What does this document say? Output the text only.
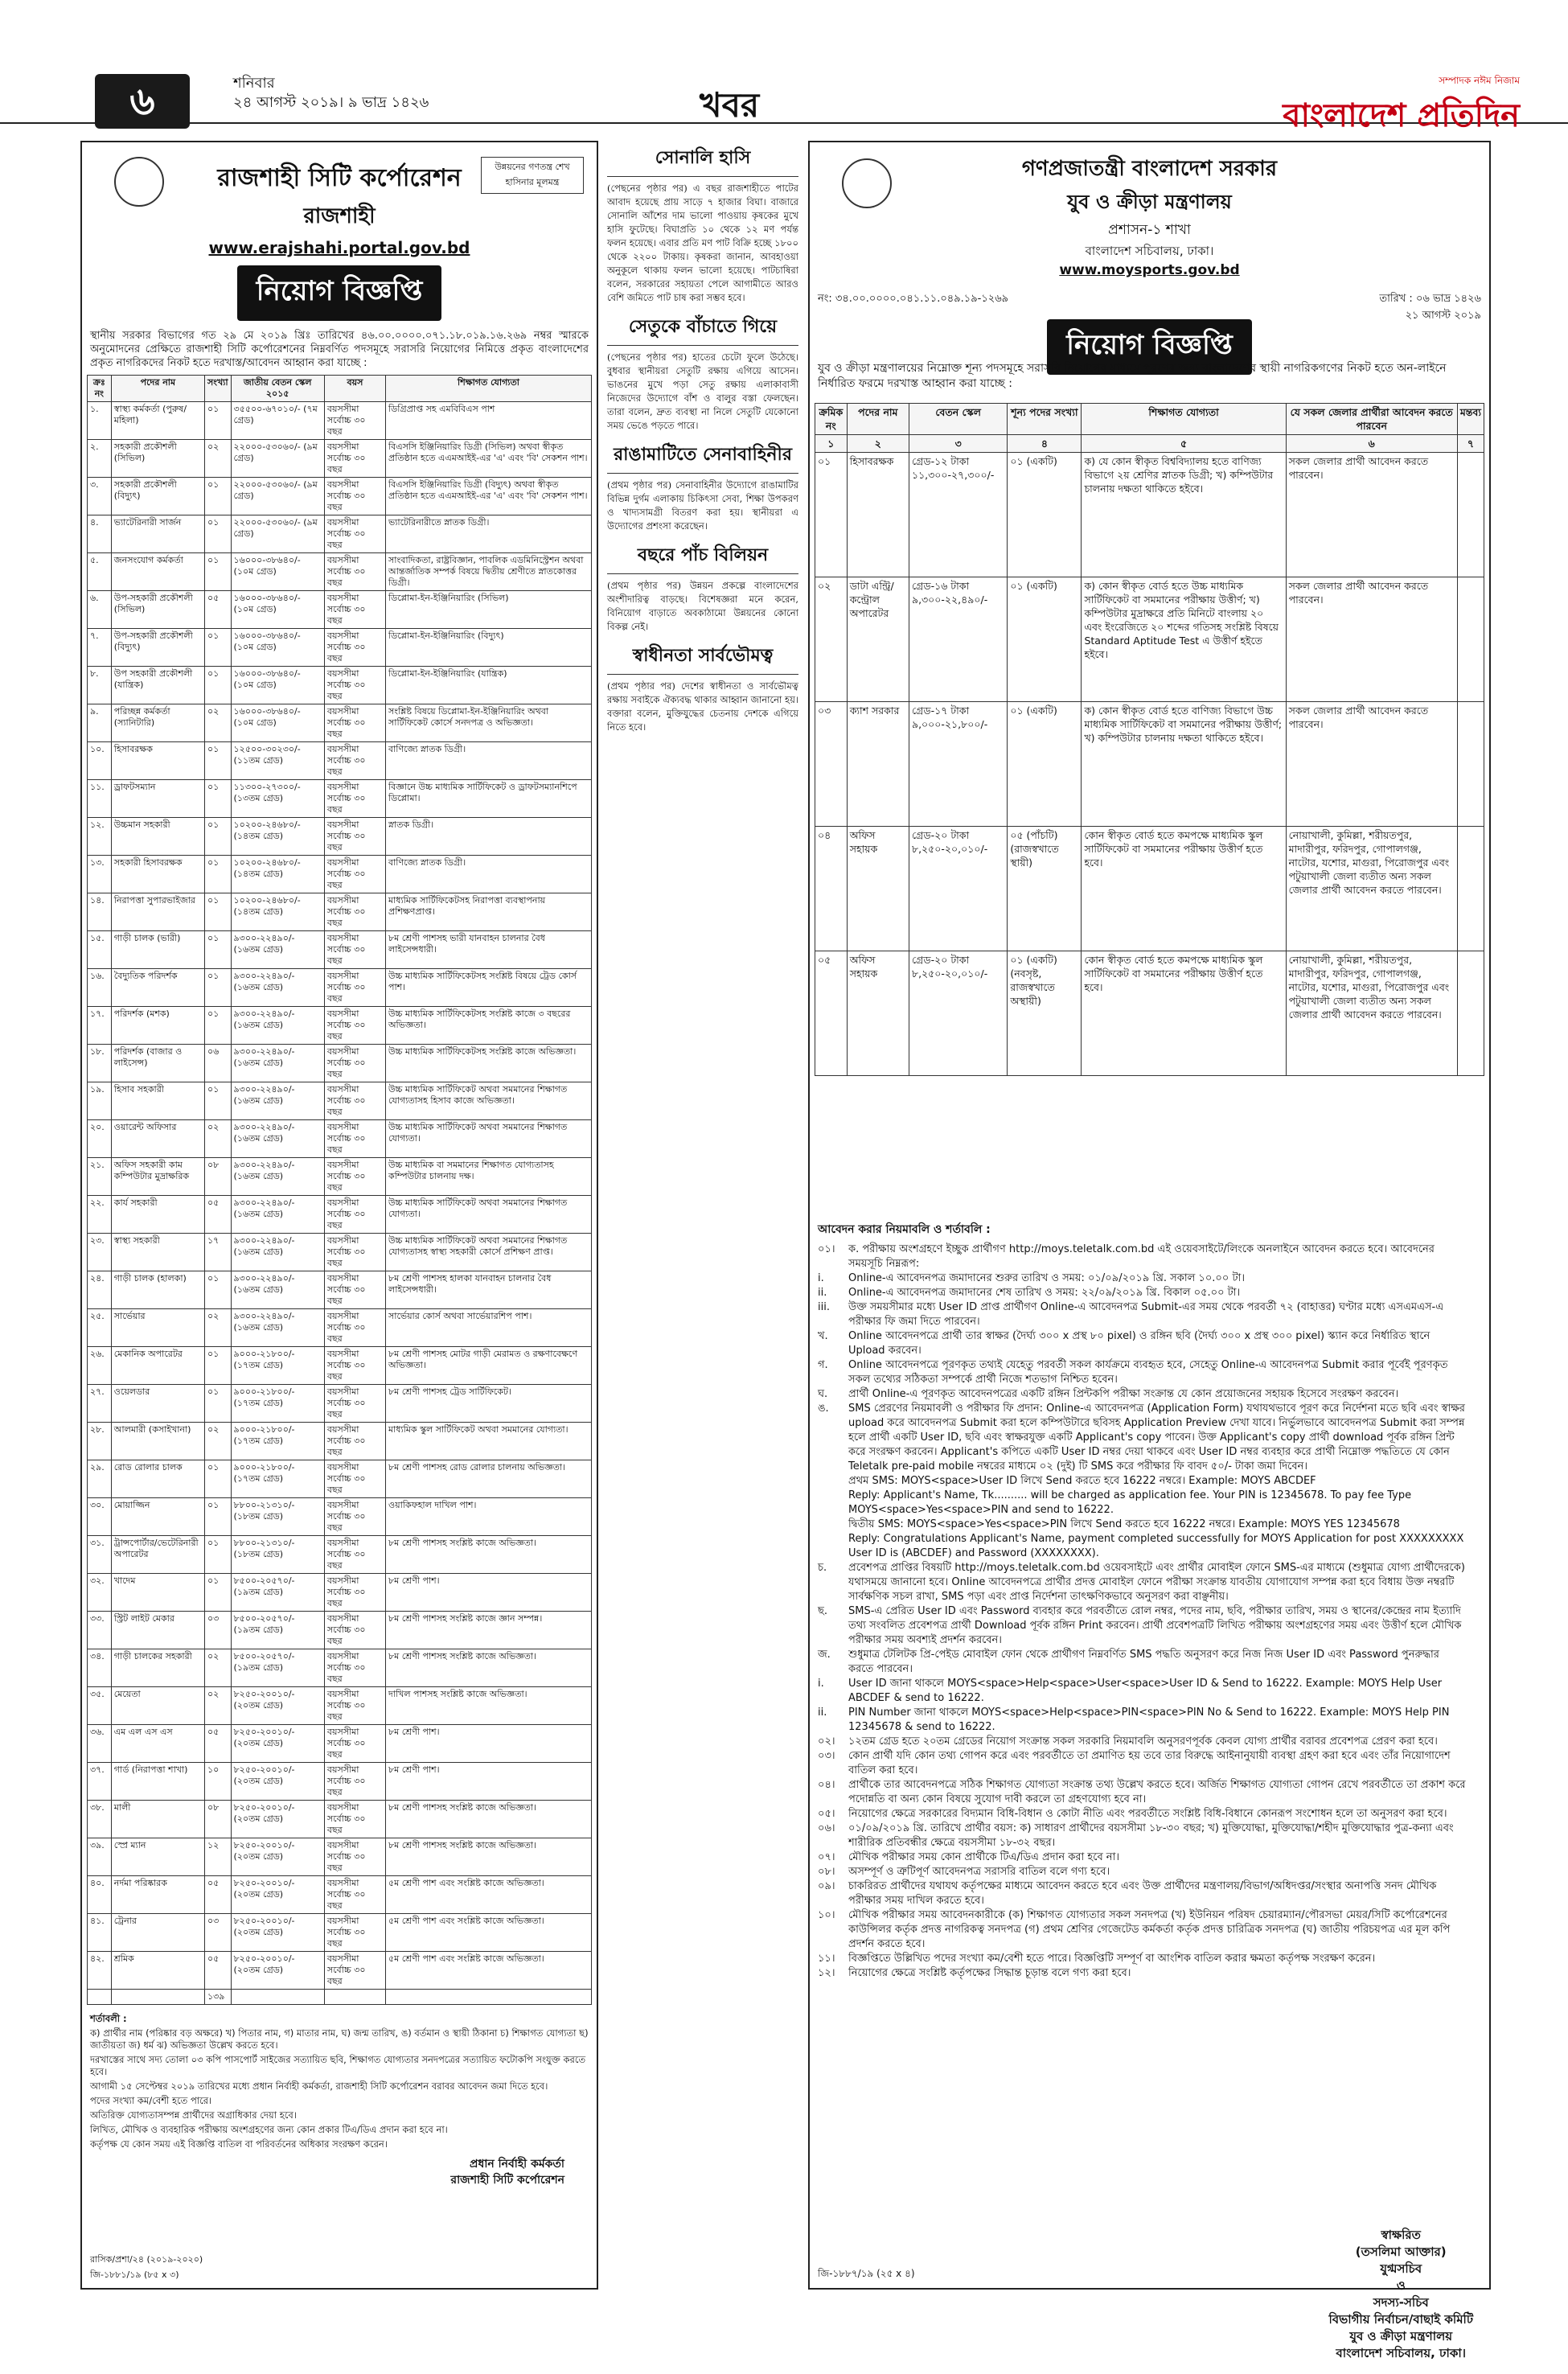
৬	শনিবার
২৪ আগস্ট ২০১৯। ৯ ভাদ্র ১৪২৬	খবর
সম্পাদক নঈম নিজাম
বাংলাদেশ প্রতিদিন
উন্নয়নের গণতন্ত্র শেখ হাসিনার মূলমন্ত্র
রাজশাহী সিটি কর্পোরেশন
রাজশাহী
www.erajshahi.portal.gov.bd
নিয়োগ বিজ্ঞপ্তি
স্থানীয় সরকার বিভাগের গত ২৯ মে ২০১৯ খ্রিঃ তারিখের ৪৬.০০.০০০০.০৭১.১৮.০১৯.১৬.২৬৯ নম্বর স্মারকে অনুমোদনের প্রেক্ষিতে রাজশাহী সিটি কর্পোরেশনের নিম্নবর্ণিত পদসমূহে সরাসরি নিয়োগের নিমিত্তে প্রকৃত বাংলাদেশের প্রকৃত নাগরিকদের নিকট হতে দরখাস্ত/আবেদন আহ্বান করা যাচ্ছে :
ক্রঃ নং	পদের নাম	সংখ্যা	জাতীয় বেতন স্কেল ২০১৫	বয়স	শিক্ষাগত যোগ্যতা
১.	স্বাস্থ্য কর্মকর্তা (পুরুষ/মহিলা)	০১	৩৫৫০০-৬৭০১০/- (৭ম গ্রেড)	বয়সসীমা সর্বোচ্চ ৩০ বছর	ডিগ্রিপ্রাপ্ত সহ এমবিবিএস পাশ
২.	সহকারী প্রকৌশলী (সিভিল)	০২	২২০০০-৫৩০৬০/- (৯ম গ্রেড)	বয়সসীমা সর্বোচ্চ ৩০ বছর	বিএসসি ইঞ্জিনিয়ারিং ডিগ্রী (সিভিল) অথবা স্বীকৃত প্রতিষ্ঠান হতে এএমআইই-এর 'এ' এবং 'বি' সেকশন পাশ।
৩.	সহকারী প্রকৌশলী (বিদ্যুৎ)	০১	২২০০০-৫৩০৬০/- (৯ম গ্রেড)	বয়সসীমা সর্বোচ্চ ৩০ বছর	বিএসসি ইঞ্জিনিয়ারিং ডিগ্রী (বিদ্যুৎ) অথবা স্বীকৃত প্রতিষ্ঠান হতে এএমআইই-এর 'এ' এবং 'বি' সেকশন পাশ।
৪.	ভ্যাটেরিনারী সার্জন	০১	২২০০০-৫৩০৬০/- (৯ম গ্রেড)	বয়সসীমা সর্বোচ্চ ৩০ বছর	ভ্যাটেরিনারীতে স্নাতক ডিগ্রী।
৫.	জনসংযোগ কর্মকর্তা	০১	১৬০০০-৩৮৬৪০/- (১০ম গ্রেড)	বয়সসীমা সর্বোচ্চ ৩০ বছর	সাংবাদিকতা, রাষ্ট্রবিজ্ঞান, পাবলিক এডমিনিস্ট্রেশন অথবা আন্তর্জাতিক সম্পর্ক বিষয়ে দ্বিতীয় শ্রেণীতে স্নাতকোত্তর ডিগ্রী।
৬.	উপ-সহকারী প্রকৌশলী (সিভিল)	০৫	১৬০০০-৩৮৬৪০/- (১০ম গ্রেড)	বয়সসীমা সর্বোচ্চ ৩০ বছর	ডিপ্লোমা-ইন-ইঞ্জিনিয়ারিং (সিভিল)
৭.	উপ-সহকারী প্রকৌশলী (বিদ্যুৎ)	০১	১৬০০০-৩৮৬৪০/- (১০ম গ্রেড)	বয়সসীমা সর্বোচ্চ ৩০ বছর	ডিপ্লোমা-ইন-ইঞ্জিনিয়ারিং (বিদ্যুৎ)
৮.	উপ সহকারী প্রকৌশলী (যান্ত্রিক)	০১	১৬০০০-৩৮৬৪০/- (১০ম গ্রেড)	বয়সসীমা সর্বোচ্চ ৩০ বছর	ডিপ্লোমা-ইন-ইঞ্জিনিয়ারিং (যান্ত্রিক)
৯.	পরিচ্ছন্ন কর্মকর্তা (স্যানিটারি)	০২	১৬০০০-৩৮৬৪০/- (১০ম গ্রেড)	বয়সসীমা সর্বোচ্চ ৩০ বছর	সংশ্লিষ্ট বিষয়ে ডিপ্লোমা-ইন-ইঞ্জিনিয়ারিং অথবা সার্টিফিকেট কোর্সে সনদপত্র ও অভিজ্ঞতা।
১০.	হিসাবরক্ষক	০১	১২৫০০-৩০২৩০/- (১১তম গ্রেড)	বয়সসীমা সর্বোচ্চ ৩০ বছর	বাণিজ্যে স্নাতক ডিগ্রী।
১১.	ড্রাফটসম্যান	০১	১১৩০০-২৭৩০০/- (১৩তম গ্রেড)	বয়সসীমা সর্বোচ্চ ৩০ বছর	বিজ্ঞানে উচ্চ মাধ্যমিক সার্টিফিকেট ও ড্রাফটসম্যানশিপে ডিপ্লোমা।
১২.	উচ্চমান সহকারী	০১	১০২০০-২৪৬৮০/- (১৪তম গ্রেড)	বয়সসীমা সর্বোচ্চ ৩০ বছর	স্নাতক ডিগ্রী।
১৩.	সহকারী হিসাবরক্ষক	০১	১০২০০-২৪৬৮০/- (১৪তম গ্রেড)	বয়সসীমা সর্বোচ্চ ৩০ বছর	বাণিজ্যে স্নাতক ডিগ্রী।
১৪.	নিরাপত্তা সুপারভাইজার	০১	১০২০০-২৪৬৮০/- (১৪তম গ্রেড)	বয়সসীমা সর্বোচ্চ ৩০ বছর	মাধ্যমিক সার্টিফিকেটসহ নিরাপত্তা ব্যবস্থাপনায় প্রশিক্ষণপ্রাপ্ত।
১৫.	গাড়ী চালক (ভারী)	০১	৯৩০০-২২৪৯০/- (১৬তম গ্রেড)	বয়সসীমা সর্বোচ্চ ৩০ বছর	৮ম শ্রেণী পাশসহ ভারী যানবাহন চালনার বৈধ লাইসেন্সধারী।
১৬.	বৈদ্যুতিক পরিদর্শক	০১	৯৩০০-২২৪৯০/- (১৬তম গ্রেড)	বয়সসীমা সর্বোচ্চ ৩০ বছর	উচ্চ মাধ্যমিক সার্টিফিকেটসহ সংশ্লিষ্ট বিষয়ে ট্রেড কোর্স পাশ।
১৭.	পরিদর্শক (মশক)	০১	৯৩০০-২২৪৯০/- (১৬তম গ্রেড)	বয়সসীমা সর্বোচ্চ ৩০ বছর	উচ্চ মাধ্যমিক সার্টিফিকেটসহ সংশ্লিষ্ট কাজে ৩ বছরের অভিজ্ঞতা।
১৮.	পরিদর্শক (বাজার ও লাইসেন্স)	০৬	৯৩০০-২২৪৯০/- (১৬তম গ্রেড)	বয়সসীমা সর্বোচ্চ ৩০ বছর	উচ্চ মাধ্যমিক সার্টিফিকেটসহ সংশ্লিষ্ট কাজে অভিজ্ঞতা।
১৯.	হিসাব সহকারী	০১	৯৩০০-২২৪৯০/- (১৬তম গ্রেড)	বয়সসীমা সর্বোচ্চ ৩০ বছর	উচ্চ মাধ্যমিক সার্টিফিকেট অথবা সমমানের শিক্ষাগত যোগ্যতাসহ হিসাব কাজে অভিজ্ঞতা।
২০.	ওয়ারেন্ট অফিসার	০২	৯৩০০-২২৪৯০/- (১৬তম গ্রেড)	বয়সসীমা সর্বোচ্চ ৩০ বছর	উচ্চ মাধ্যমিক সার্টিফিকেট অথবা সমমানের শিক্ষাগত যোগ্যতা।
২১.	অফিস সহকারী কাম কম্পিউটার মুদ্রাক্ষরিক	০৮	৯৩০০-২২৪৯০/- (১৬তম গ্রেড)	বয়সসীমা সর্বোচ্চ ৩০ বছর	উচ্চ মাধ্যমিক বা সমমানের শিক্ষাগত যোগ্যতাসহ কম্পিউটার চালনায় দক্ষ।
২২.	কার্য সহকারী	০৫	৯৩০০-২২৪৯০/- (১৬তম গ্রেড)	বয়সসীমা সর্বোচ্চ ৩০ বছর	উচ্চ মাধ্যমিক সার্টিফিকেট অথবা সমমানের শিক্ষাগত যোগ্যতা।
২৩.	স্বাস্থ্য সহকারী	১৭	৯৩০০-২২৪৯০/- (১৬তম গ্রেড)	বয়সসীমা সর্বোচ্চ ৩০ বছর	উচ্চ মাধ্যমিক সার্টিফিকেট অথবা সমমানের শিক্ষাগত যোগ্যতাসহ স্বাস্থ্য সহকারী কোর্সে প্রশিক্ষণ প্রাপ্ত।
২৪.	গাড়ী চালক (হালকা)	০১	৯৩০০-২২৪৯০/- (১৬তম গ্রেড)	বয়সসীমা সর্বোচ্চ ৩০ বছর	৮ম শ্রেণী পাশসহ হালকা যানবাহন চালনার বৈধ লাইসেন্সধারী।
২৫.	সার্ভেয়ার	০২	৯৩০০-২২৪৯০/- (১৬তম গ্রেড)	বয়সসীমা সর্বোচ্চ ৩০ বছর	সার্ভেয়ার কোর্স অথবা সার্ভেয়ারশিপ পাশ।
২৬.	মেকানিক অপারেটর	০১	৯০০০-২১৮০০/- (১৭তম গ্রেড)	বয়সসীমা সর্বোচ্চ ৩০ বছর	৮ম শ্রেণী পাশসহ মোটর গাড়ী মেরামত ও রক্ষণাবেক্ষণে অভিজ্ঞতা।
২৭.	ওয়েলডার	০১	৯০০০-২১৮০০/- (১৭তম গ্রেড)	বয়সসীমা সর্বোচ্চ ৩০ বছর	৮ম শ্রেণী পাশসহ ট্রেড সার্টিফিকেট।
২৮.	আলমারী (কসাইখানা)	০২	৯০০০-২১৮০০/- (১৭তম গ্রেড)	বয়সসীমা সর্বোচ্চ ৩০ বছর	মাধ্যমিক স্কুল সার্টিফিকেট অথবা সমমানের যোগ্যতা।
২৯.	রোড রোলার চালক	০১	৯০০০-২১৮০০/- (১৭তম গ্রেড)	বয়সসীমা সর্বোচ্চ ৩০ বছর	৮ম শ্রেণী পাশসহ রোড রোলার চালনায় অভিজ্ঞতা।
৩০.	মোয়াজ্জিন	০১	৮৮০০-২১৩১০/- (১৮তম গ্রেড)	বয়সসীমা সর্বোচ্চ ৩০ বছর	ওয়াকিফহাল দাখিল পাশ।
৩১.	ট্রান্সপোর্টার/ভেটেরিনারী অপারেটর	০১	৮৮০০-২১৩১০/- (১৮তম গ্রেড)	বয়সসীমা সর্বোচ্চ ৩০ বছর	৮ম শ্রেণী পাশসহ সংশ্লিষ্ট কাজে অভিজ্ঞতা।
৩২.	খাদেম	০১	৮৫০০-২০৫৭০/- (১৯তম গ্রেড)	বয়সসীমা সর্বোচ্চ ৩০ বছর	৮ম শ্রেণী পাশ।
৩৩.	স্ট্রিট লাইট মেকার	০৩	৮৫০০-২০৫৭০/- (১৯তম গ্রেড)	বয়সসীমা সর্বোচ্চ ৩০ বছর	৮ম শ্রেণী পাশসহ সংশ্লিষ্ট কাজে জ্ঞান সম্পন্ন।
৩৪.	গাড়ী চালকের সহকারী	০২	৮৫০০-২০৫৭০/- (১৯তম গ্রেড)	বয়সসীমা সর্বোচ্চ ৩০ বছর	৮ম শ্রেণী পাশসহ সংশ্লিষ্ট কাজে অভিজ্ঞতা।
৩৫.	মেয়েতা	০২	৮২৫০-২০০১০/- (২০তম গ্রেড)	বয়সসীমা সর্বোচ্চ ৩০ বছর	দাখিল পাশসহ সংশ্লিষ্ট কাজে অভিজ্ঞতা।
৩৬.	এম এল এস এস	০৫	৮২৫০-২০০১০/- (২০তম গ্রেড)	বয়সসীমা সর্বোচ্চ ৩০ বছর	৮ম শ্রেণী পাশ।
৩৭.	গার্ড (নিরাপত্তা শাখা)	১০	৮২৫০-২০০১০/- (২০তম গ্রেড)	বয়সসীমা সর্বোচ্চ ৩০ বছর	৮ম শ্রেণী পাশ।
৩৮.	মালী	০৮	৮২৫০-২০০১০/- (২০তম গ্রেড)	বয়সসীমা সর্বোচ্চ ৩০ বছর	৮ম শ্রেণী পাশসহ সংশ্লিষ্ট কাজে অভিজ্ঞতা।
৩৯.	স্প্রে ম্যান	১২	৮২৫০-২০০১০/- (২০তম গ্রেড)	বয়সসীমা সর্বোচ্চ ৩০ বছর	৮ম শ্রেণী পাশসহ সংশ্লিষ্ট কাজে অভিজ্ঞতা।
৪০.	নর্দমা পরিষ্কারক	০৫	৮২৫০-২০০১০/- (২০তম গ্রেড)	বয়সসীমা সর্বোচ্চ ৩০ বছর	৫ম শ্রেণী পাশ এবং সংশ্লিষ্ট কাজে অভিজ্ঞতা।
৪১.	ট্রেনার	০৩	৮২৫০-২০০১০/- (২০তম গ্রেড)	বয়সসীমা সর্বোচ্চ ৩০ বছর	৫ম শ্রেণী পাশ এবং সংশ্লিষ্ট কাজে অভিজ্ঞতা।
৪২.	শ্রমিক	০৫	৮২৫০-২০০১০/- (২০তম গ্রেড)	বয়সসীমা সর্বোচ্চ ৩০ বছর	৫ম শ্রেণী পাশ এবং সংশ্লিষ্ট কাজে অভিজ্ঞতা।
		১৩৯			

শর্তাবলী :

ক) প্রার্থীর নাম (পরিষ্কার বড় অক্ষরে) খ) পিতার নাম, গ) মাতার নাম, ঘ) জন্ম তারিখ, ঙ) বর্তমান ও স্থায়ী ঠিকানা চ) শিক্ষাগত যোগ্যতা ছ) জাতীয়তা জ) ধর্ম ঝ) অভিজ্ঞতা উল্লেখ করতে হবে।

দরখাস্তের সাথে সদ্য তোলা ০৩ কপি পাসপোর্ট সাইজের সত্যায়িত ছবি, শিক্ষাগত যোগ্যতার সনদপত্রের সত্যায়িত ফটোকপি সংযুক্ত করতে হবে।

আগামী ১৫ সেপ্টেম্বর ২০১৯ তারিখের মধ্যে প্রধান নির্বাহী কর্মকর্তা, রাজশাহী সিটি কর্পোরেশন বরাবর আবেদন জমা দিতে হবে।

পদের সংখ্যা কম/বেশী হতে পারে।

অতিরিক্ত যোগ্যতাসম্পন্ন প্রার্থীদের অগ্রাধিকার দেয়া হবে।

লিখিত, মৌখিক ও ব্যবহারিক পরীক্ষায় অংশগ্রহণের জন্য কোন প্রকার টিএ/ডিএ প্রদান করা হবে না।

কর্তৃপক্ষ যে কোন সময় এই বিজ্ঞপ্তি বাতিল বা পরিবর্তনের অধিকার সংরক্ষণ করেন।

প্রধান নির্বাহী কর্মকর্তা
রাজশাহী সিটি কর্পোরেশন
রাসিক/প্রশা/২৪ (২০১৯-২০২০)
জি-১৮৮১/১৯ (৮৫ x ৩)
সোনালি হাসি

(পেছনের পৃষ্ঠার পর) এ বছর রাজশাহীতে পাটের আবাদ হয়েছে প্রায় সাড়ে ৭ হাজার বিঘা। বাজারে সোনালি আঁশের দাম ভালো পাওয়ায় কৃষকের মুখে হাসি ফুটেছে। বিঘাপ্রতি ১০ থেকে ১২ মণ পর্যন্ত ফলন হয়েছে। এবার প্রতি মণ পাট বিক্রি হচ্ছে ১৮০০ থেকে ২২০০ টাকায়। কৃষকরা জানান, আবহাওয়া অনুকূলে থাকায় ফলন ভালো হয়েছে। পাটচাষিরা বলেন, সরকারের সহায়তা পেলে আগামীতে আরও বেশি জমিতে পাট চাষ করা সম্ভব হবে।

সেতুকে বাঁচাতে গিয়ে

(পেছনের পৃষ্ঠার পর) হাতের চেটো ফুলে উঠেছে। বুধবার স্থানীয়রা সেতুটি রক্ষায় এগিয়ে আসেন। ভাঙনের মুখে পড়া সেতু রক্ষায় এলাকাবাসী নিজেদের উদ্যোগে বাঁশ ও বালুর বস্তা ফেলছেন। তারা বলেন, দ্রুত ব্যবস্থা না নিলে সেতুটি যেকোনো সময় ভেঙে পড়তে পারে।

রাঙামাটিতে সেনাবাহিনীর

(প্রথম পৃষ্ঠার পর) সেনাবাহিনীর উদ্যোগে রাঙামাটির বিভিন্ন দুর্গম এলাকায় চিকিৎসা সেবা, শিক্ষা উপকরণ ও খাদ্যসামগ্রী বিতরণ করা হয়। স্থানীয়রা এ উদ্যোগের প্রশংসা করেছেন।

বছরে পাঁচ বিলিয়ন

(প্রথম পৃষ্ঠার পর) উন্নয়ন প্রকল্পে বাংলাদেশের অংশীদারিত্ব বাড়ছে। বিশেষজ্ঞরা মনে করেন, বিনিয়োগ বাড়াতে অবকাঠামো উন্নয়নের কোনো বিকল্প নেই।

স্বাধীনতা সার্বভৌমত্ব

(প্রথম পৃষ্ঠার পর) দেশের স্বাধীনতা ও সার্বভৌমত্ব রক্ষায় সবাইকে ঐক্যবদ্ধ থাকার আহ্বান জানানো হয়। বক্তারা বলেন, মুক্তিযুদ্ধের চেতনায় দেশকে এগিয়ে নিতে হবে।

গণপ্রজাতন্ত্রী বাংলাদেশ সরকার
যুব ও ক্রীড়া মন্ত্রণালয়
প্রশাসন-১ শাখা
বাংলাদেশ সচিবালয়, ঢাকা।
www.moysports.gov.bd
নং: ৩৪.০০.০০০০.০৪১.১১.০৪৯.১৯-১২৬৯	তারিখ : ০৬ ভাদ্র ১৪২৬
২১ আগস্ট ২০১৯
নিয়োগ বিজ্ঞপ্তি
যুব ও ক্রীড়া মন্ত্রণালয়ের নিম্নোক্ত শূন্য পদসমূহে সরাসরি নিয়োগের মাধ্যমে পূরণের জন্য বাংলাদেশের স্থায়ী নাগরিকগণের নিকট হতে অন-লাইনে নির্ধারিত ফরমে দরখাস্ত আহ্বান করা যাচ্ছে :
ক্রমিক নং	পদের নাম	বেতন স্কেল	শূন্য পদের সংখ্যা	শিক্ষাগত যোগ্যতা	যে সকল জেলার প্রার্থীরা আবেদন করতে পারবেন	মন্তব্য
১	২	৩	৪	৫	৬	৭
০১	হিসাবরক্ষক	গ্রেড-১২ টাকা ১১,৩০০-২৭,৩০০/-	০১ (একটি)	ক) যে কোন স্বীকৃত বিশ্ববিদ্যালয় হতে বাণিজ্য বিভাগে ২য় শ্রেণির স্নাতক ডিগ্রী; খ) কম্পিউটার চালনায় দক্ষতা থাকিতে হইবে।	সকল জেলার প্রার্থী আবেদন করতে পারবেন।	
০২	ডাটা এন্ট্রি/কন্ট্রোল অপারেটর	গ্রেড-১৬ টাকা ৯,৩০০-২২,৪৯০/-	০১ (একটি)	ক) কোন স্বীকৃত বোর্ড হতে উচ্চ মাধ্যমিক সার্টিফিকেট বা সমমানের পরীক্ষায় উত্তীর্ণ; খ) কম্পিউটার মুদ্রাক্ষরে প্রতি মিনিটে বাংলায় ২০ এবং ইংরেজিতে ২০ শব্দের গতিসহ সংশ্লিষ্ট বিষয়ে Standard Aptitude Test এ উত্তীর্ণ হইতে হইবে।	সকল জেলার প্রার্থী আবেদন করতে পারবেন।	
০৩	ক্যাশ সরকার	গ্রেড-১৭ টাকা ৯,০০০-২১,৮০০/-	০১ (একটি)	ক) কোন স্বীকৃত বোর্ড হতে বাণিজ্য বিভাগে উচ্চ মাধ্যমিক সার্টিফিকেট বা সমমানের পরীক্ষায় উত্তীর্ণ; খ) কম্পিউটার চালনায় দক্ষতা থাকিতে হইবে।	সকল জেলার প্রার্থী আবেদন করতে পারবেন।	
০৪	অফিস সহায়ক	গ্রেড-২০ টাকা ৮,২৫০-২০,০১০/-	০৫ (পাঁচটি) (রাজস্বখাতে স্থায়ী)	কোন স্বীকৃত বোর্ড হতে কমপক্ষে মাধ্যমিক স্কুল সার্টিফিকেট বা সমমানের পরীক্ষায় উত্তীর্ণ হতে হবে।	নোয়াখালী, কুমিল্লা, শরীয়তপুর, মাদারীপুর, ফরিদপুর, গোপালগঞ্জ, নাটোর, যশোর, মাগুরা, পিরোজপুর এবং পটুয়াখালী জেলা ব্যতীত অন্য সকল জেলার প্রার্থী আবেদন করতে পারবেন।	
০৫	অফিস সহায়ক	গ্রেড-২০ টাকা ৮,২৫০-২০,০১০/-	০১ (একটি) (নবসৃষ্ট, রাজস্বখাতে অস্থায়ী)	কোন স্বীকৃত বোর্ড হতে কমপক্ষে মাধ্যমিক স্কুল সার্টিফিকেট বা সমমানের পরীক্ষায় উত্তীর্ণ হতে হবে।	নোয়াখালী, কুমিল্লা, শরীয়তপুর, মাদারীপুর, ফরিদপুর, গোপালগঞ্জ, নাটোর, যশোর, মাগুরা, পিরোজপুর এবং পটুয়াখালী জেলা ব্যতীত অন্য সকল জেলার প্রার্থী আবেদন করতে পারবেন।	
আবেদন করার নিয়মাবলি ও শর্তাবলি :
০১। ক. পরীক্ষায় অংশগ্রহণে ইচ্ছুক প্রার্থীগণ http://moys.teletalk.com.bd এই ওয়েবসাইটে/লিংকে অনলাইনে আবেদন করতে হবে। আবেদনের সময়সূচি নিম্নরূপ:
i. Online-এ আবেদনপত্র জমাদানের শুরুর তারিখ ও সময়: ০১/০৯/২০১৯ খ্রি. সকাল ১০.০০ টা।
ii. Online-এ আবেদনপত্র জমাদানের শেষ তারিখ ও সময়: ২২/০৯/২০১৯ খ্রি. বিকাল ০৫.০০ টা।
iii. উক্ত সময়সীমার মধ্যে User ID প্রাপ্ত প্রার্থীগণ Online-এ আবেদনপত্র Submit-এর সময় থেকে পরবর্তী ৭২ (বাহাত্তর) ঘণ্টার মধ্যে এসএমএস-এ পরীক্ষার ফি জমা দিতে পারবেন।
খ. Online আবেদনপত্রে প্রার্থী তার স্বাক্ষর (দৈর্ঘ্য ৩০০ x প্রস্থ ৮০ pixel) ও রঙ্গিন ছবি (দৈর্ঘ্য ৩০০ x প্রস্থ ৩০০ pixel) স্ক্যান করে নির্ধারিত স্থানে Upload করবেন।
গ. Online আবেদনপত্রে পূরণকৃত তথ্যই যেহেতু পরবর্তী সকল কার্যক্রমে ব্যবহৃত হবে, সেহেতু Online-এ আবেদনপত্র Submit করার পূর্বেই পূরণকৃত সকল তথ্যের সঠিকতা সম্পর্কে প্রার্থী নিজে শতভাগ নিশ্চিত হবেন।
ঘ. প্রার্থী Online-এ পূরণকৃত আবেদনপত্রের একটি রঙ্গিন প্রিন্টকপি পরীক্ষা সংক্রান্ত যে কোন প্রয়োজনের সহায়ক হিসেবে সংরক্ষণ করবেন।
ঙ. SMS প্রেরণের নিয়মাবলী ও পরীক্ষার ফি প্রদান: Online-এ আবেদনপত্র (Application Form) যথাযথভাবে পূরণ করে নির্দেশনা মতে ছবি এবং স্বাক্ষর upload করে আবেদনপত্র Submit করা হলে কম্পিউটারে ছবিসহ Application Preview দেখা যাবে। নির্ভুলভাবে আবেদনপত্র Submit করা সম্পন্ন হলে প্রার্থী একটি User ID, ছবি এবং স্বাক্ষরযুক্ত একটি Applicant's copy পাবেন। উক্ত Applicant's copy প্রার্থী download পূর্বক রঙ্গিন প্রিন্ট করে সংরক্ষণ করবেন। Applicant's কপিতে একটি User ID নম্বর দেয়া থাকবে এবং User ID নম্বর ব্যবহার করে প্রার্থী নিম্নোক্ত পদ্ধতিতে যে কোন Teletalk pre-paid mobile নম্বরের মাধ্যমে ০২ (দুই) টি SMS করে পরীক্ষার ফি বাবদ ৫০/- টাকা জমা দিবেন।
প্রথম SMS: MOYS<space>User ID লিখে Send করতে হবে 16222 নম্বরে। Example: MOYS ABCDEF
Reply: Applicant's Name, Tk.......... will be charged as application fee. Your PIN is 12345678. To pay fee Type MOYS<space>Yes<space>PIN and send to 16222.
দ্বিতীয় SMS: MOYS<space>Yes<space>PIN লিখে Send করতে হবে 16222 নম্বরে। Example: MOYS YES 12345678
Reply: Congratulations Applicant's Name, payment completed successfully for MOYS Application for post XXXXXXXXX User ID is (ABCDEF) and Password (XXXXXXXX).
চ. প্রবেশপত্র প্রাপ্তির বিষয়টি http://moys.teletalk.com.bd ওয়েবসাইটে এবং প্রার্থীর মোবাইল ফোনে SMS-এর মাধ্যমে (শুধুমাত্র যোগ্য প্রার্থীদেরকে) যথাসময়ে জানানো হবে। Online আবেদনপত্রে প্রার্থীর প্রদত্ত মোবাইল ফোনে পরীক্ষা সংক্রান্ত যাবতীয় যোগাযোগ সম্পন্ন করা হবে বিধায় উক্ত নম্বরটি সার্বক্ষণিক সচল রাখা, SMS পড়া এবং প্রাপ্ত নির্দেশনা তাৎক্ষণিকভাবে অনুসরণ করা বাঞ্ছনীয়।
ছ. SMS-এ প্রেরিত User ID এবং Password ব্যবহার করে পরবর্তীতে রোল নম্বর, পদের নাম, ছবি, পরীক্ষার তারিখ, সময় ও স্থানের/কেন্দ্রের নাম ইত্যাদি তথ্য সংবলিত প্রবেশপত্র প্রার্থী Download পূর্বক রঙ্গিন Print করবেন। প্রার্থী প্রবেশপত্রটি লিখিত পরীক্ষায় অংশগ্রহণের সময় এবং উত্তীর্ণ হলে মৌখিক পরীক্ষার সময় অবশ্যই প্রদর্শন করবেন।
জ. শুধুমাত্র টেলিটক প্রি-পেইড মোবাইল ফোন থেকে প্রার্থীগণ নিম্নবর্ণিত SMS পদ্ধতি অনুসরণ করে নিজ নিজ User ID এবং Password পুনরুদ্ধার করতে পারবেন।
i. User ID জানা থাকলে MOYS<space>Help<space>User<space>User ID & Send to 16222. Example: MOYS Help User ABCDEF & send to 16222.
ii. PIN Number জানা থাকলে MOYS<space>Help<space>PIN<space>PIN No & Send to 16222. Example: MOYS Help PIN 12345678 & send to 16222.
০২। ১২তম গ্রেড হতে ২০তম গ্রেডের নিয়োগ সংক্রান্ত সকল সরকারি নিয়মাবলি অনুসরণপূর্বক কেবল যোগ্য প্রার্থীর বরাবর প্রবেশপত্র প্রেরণ করা হবে।
০৩। কোন প্রার্থী যদি কোন তথ্য গোপন করে এবং পরবর্তীতে তা প্রমাণিত হয় তবে তার বিরুদ্ধে আইনানুযায়ী ব্যবস্থা গ্রহণ করা হবে এবং তাঁর নিয়োগাদেশ বাতিল করা হবে।
০৪। প্রার্থীকে তার আবেদনপত্রে সঠিক শিক্ষাগত যোগ্যতা সংক্রান্ত তথ্য উল্লেখ করতে হবে। অর্জিত শিক্ষাগত যোগ্যতা গোপন রেখে পরবর্তীতে তা প্রকাশ করে পদোন্নতি বা অন্য কোন বিষয়ে সুযোগ দাবী করলে তা গ্রহণযোগ্য হবে না।
০৫। নিয়োগের ক্ষেত্রে সরকারের বিদ্যমান বিধি-বিধান ও কোটা নীতি এবং পরবর্তীতে সংশ্লিষ্ট বিধি-বিধানে কোনরূপ সংশোধন হলে তা অনুসরণ করা হবে।
০৬। ০১/০৯/২০১৯ খ্রি. তারিখে প্রার্থীর বয়স: ক) সাধারণ প্রার্থীদের বয়সসীমা ১৮-৩০ বছর; খ) মুক্তিযোদ্ধা, মুক্তিযোদ্ধা/শহীদ মুক্তিযোদ্ধার পুত্র-কন্যা এবং শারীরিক প্রতিবন্ধীর ক্ষেত্রে বয়সসীমা ১৮-৩২ বছর।
০৭। মৌখিক পরীক্ষার সময় কোন প্রার্থীকে টিএ/ডিএ প্রদান করা হবে না।
০৮। অসম্পূর্ণ ও ত্রুটিপূর্ণ আবেদনপত্র সরাসরি বাতিল বলে গণ্য হবে।
০৯। চাকরিরত প্রার্থীদের যথাযথ কর্তৃপক্ষের মাধ্যমে আবেদন করতে হবে এবং উক্ত প্রার্থীদের মন্ত্রণালয়/বিভাগ/অধিদপ্তর/সংস্থার অনাপত্তি সনদ মৌখিক পরীক্ষার সময় দাখিল করতে হবে।
১০। মৌখিক পরীক্ষার সময় আবেদনকারীকে (ক) শিক্ষাগত যোগ্যতার সকল সনদপত্র (খ) ইউনিয়ন পরিষদ চেয়ারম্যান/পৌরসভা মেয়র/সিটি কর্পোরেশনের কাউন্সিলর কর্তৃক প্রদত্ত নাগরিকত্ব সনদপত্র (গ) প্রথম শ্রেণির গেজেটেড কর্মকর্তা কর্তৃক প্রদত্ত চারিত্রিক সনদপত্র (ঘ) জাতীয় পরিচয়পত্র এর মূল কপি প্রদর্শন করতে হবে।
১১। বিজ্ঞপ্তিতে উল্লিখিত পদের সংখ্যা কম/বেশী হতে পারে। বিজ্ঞপ্তিটি সম্পূর্ণ বা আংশিক বাতিল করার ক্ষমতা কর্তৃপক্ষ সংরক্ষণ করেন।
১২। নিয়োগের ক্ষেত্রে সংশ্লিষ্ট কর্তৃপক্ষের সিদ্ধান্ত চূড়ান্ত বলে গণ্য করা হবে।
স্বাক্ষরিত
(তসলিমা আক্তার)
যুগ্মসচিব
ও
সদস্য-সচিব
বিভাগীয় নির্বাচন/বাছাই কমিটি
যুব ও ক্রীড়া মন্ত্রণালয়
বাংলাদেশ সচিবালয়, ঢাকা।
জি-১৮৮৭/১৯ (২৫ x ৪)
